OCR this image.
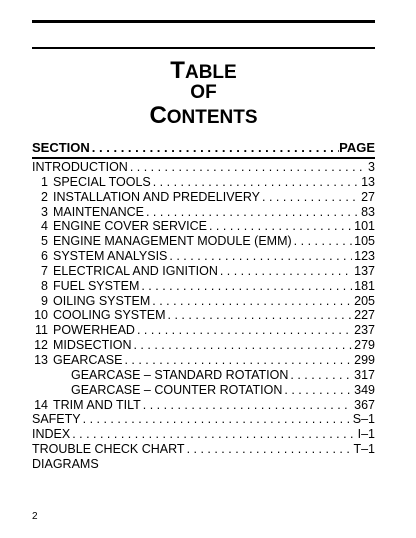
TABLE
OF
CONTENTS
SECTION . . .	PAGE
INTRODUCTION . . .	3
1 SPECIAL TOOLS . . .	13
2 INSTALLATION AND PREDELIVERY . . .	27
3 MAINTENANCE . . .	83
4 ENGINE COVER SERVICE . . .	101
5 ENGINE MANAGEMENT MODULE (EMM) . . .	105
6 SYSTEM ANALYSIS . . .	123
7 ELECTRICAL AND IGNITION . . .	137
8 FUEL SYSTEM . . .	181
9 OILING SYSTEM . . .	205
10 COOLING SYSTEM . . .	227
11 POWERHEAD . . .	237
12 MIDSECTION . . .	279
13 GEARCASE . . .	299
GEARCASE – STANDARD ROTATION . . .	317
GEARCASE – COUNTER ROTATION . . .	349
14 TRIM AND TILT . . .	367
SAFETY . . .	S–1
INDEX . . .	I–1
TROUBLE CHECK CHART . . .	T–1
DIAGRAMS
2
